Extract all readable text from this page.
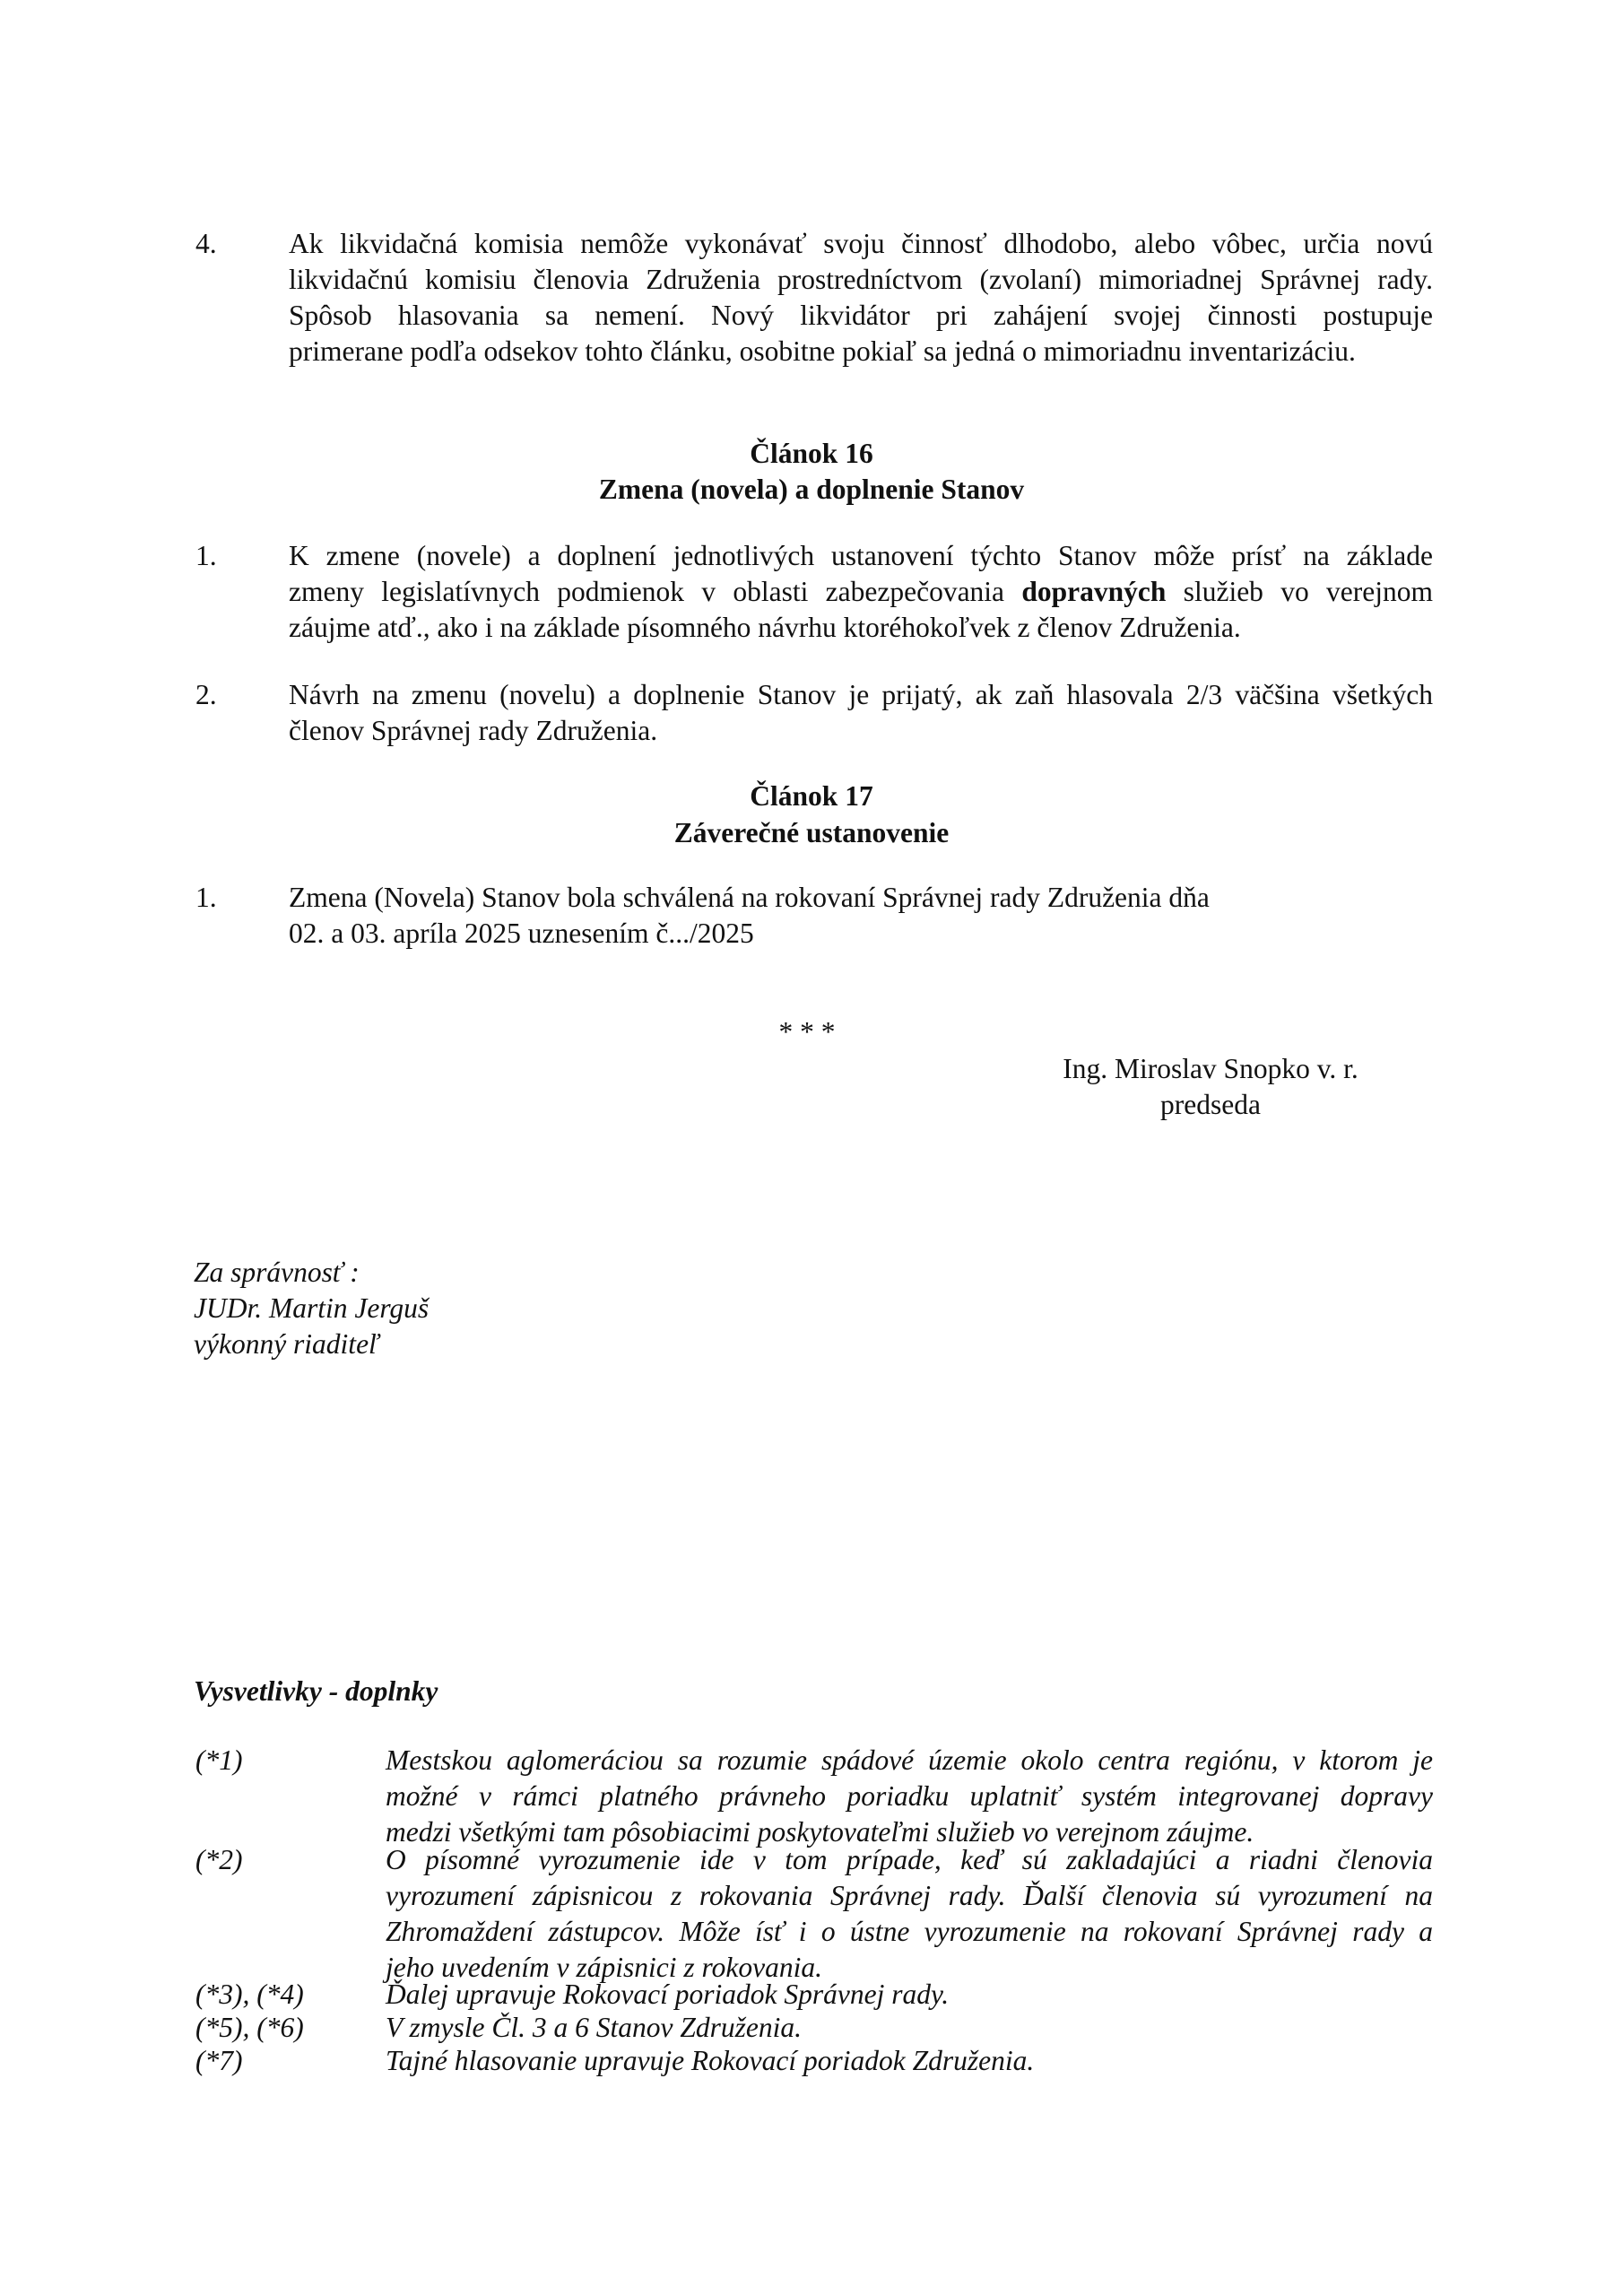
4.	Ak likvidačná komisia nemôže vykonávať svoju činnosť dlhodobo, alebo vôbec, určia novú
likvidačnú komisiu členovia Združenia prostredníctvom (zvolaní) mimoriadnej Správnej rady.
Spôsob hlasovania sa nemení. Nový likvidátor pri zahájení svojej činnosti postupuje
primerane podľa odsekov tohto článku, osobitne pokiaľ sa jedná o mimoriadnu inventarizáciu.
Článok 16
Zmena (novela) a doplnenie Stanov
1.	K zmene (novele) a doplnení jednotlivých ustanovení týchto Stanov môže prísť na základe
zmeny legislatívnych podmienok v oblasti zabezpečovania dopravných služieb vo verejnom
záujme atď., ako i na základe písomného návrhu ktoréhokoľvek z členov Združenia.
2.	Návrh na zmenu (novelu) a doplnenie Stanov je prijatý, ak zaň hlasovala 2/3 väčšina všetkých
členov Správnej rady Združenia.
Článok 17
Záverečné ustanovenie
1.	Zmena (Novela) Stanov bola schválená na rokovaní Správnej rady Združenia dňa
02. a 03. apríla 2025 uznesením č.../2025
* * *
Ing. Miroslav Snopko v. r.
predseda
Za správnosť :
JUDr. Martin Jerguš
výkonný riaditeľ
Vysvetlivky - doplnky
(*1)	Mestskou aglomeráciou sa rozumie spádové územie okolo centra regiónu, v ktorom je
možné v rámci platného právneho poriadku uplatniť systém integrovanej dopravy
medzi všetkými tam pôsobiacimi poskytovateľmi služieb vo verejnom záujme.
(*2)	O písomné vyrozumenie ide v tom prípade, keď sú zakladajúci a riadni členovia
vyrozumení zápisnicou z rokovania Správnej rady. Ďalší členovia sú vyrozumení na
Zhromaždení zástupcov. Môže ísť i o ústne vyrozumenie na rokovaní Správnej rady a
jeho uvedením v zápisnici z rokovania.
(*3), (*4)	Ďalej upravuje Rokovací poriadok Správnej rady.
(*5), (*6)	V zmysle Čl. 3 a 6 Stanov Združenia.
(*7)	Tajné hlasovanie upravuje Rokovací poriadok Združenia.
